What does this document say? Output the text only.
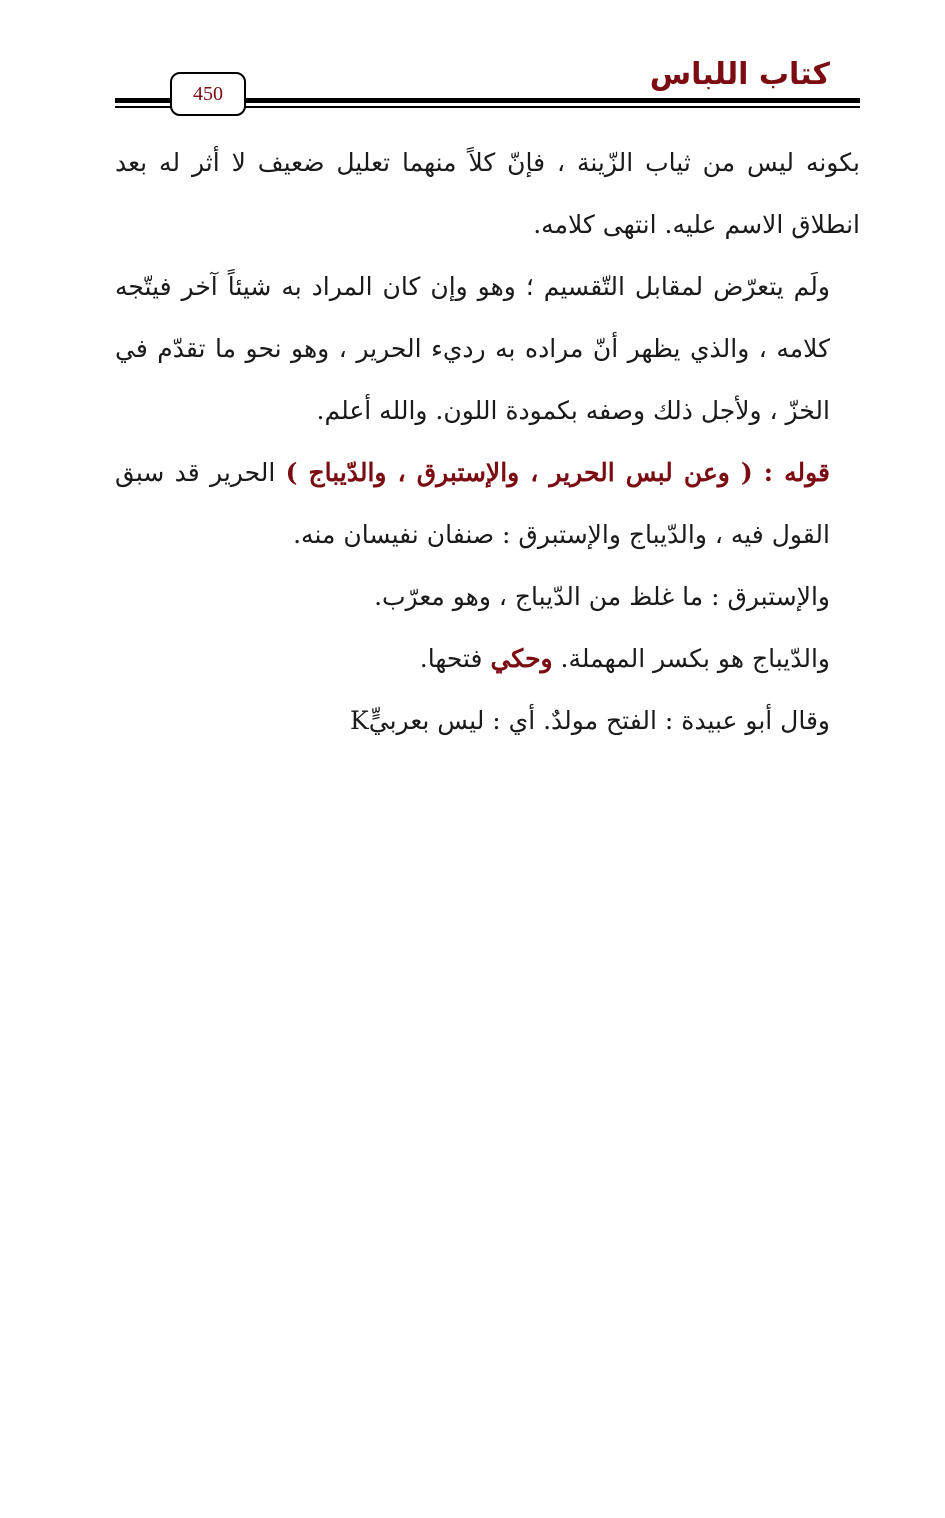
كتاب اللباس
450

بكونه ليس من ثياب الزّينة ، فإنّ كلاً منهما تعليل ضعيف لا أثر له بعد انطلاق الاسم عليه. انتهى كلامه.

ولَم يتعرّض لمقابل التّقسيم ؛ وهو وإن كان المراد به شيئاً آخر فيتّجه كلامه ، والذي يظهر أنّ مراده به رديء الحرير ، وهو نحو ما تقدّم في الخزّ ، ولأجل ذلك وصفه بكمودة اللون. والله أعلم.

قوله : ( وعن لبس الحرير ، والإستبرق ، والدّيباج ) الحرير قد سبق القول فيه ، والدّيباج والإستبرق : صنفان نفيسان منه.

والإستبرق : ما غلظ من الدّيباج ، وهو معرّب.

والدّيباج هو بكسر المهملة. وحكي فتحها.

وقال أبو عبيدة : الفتح مولدٌ. أي : ليس بعربيٍّK
